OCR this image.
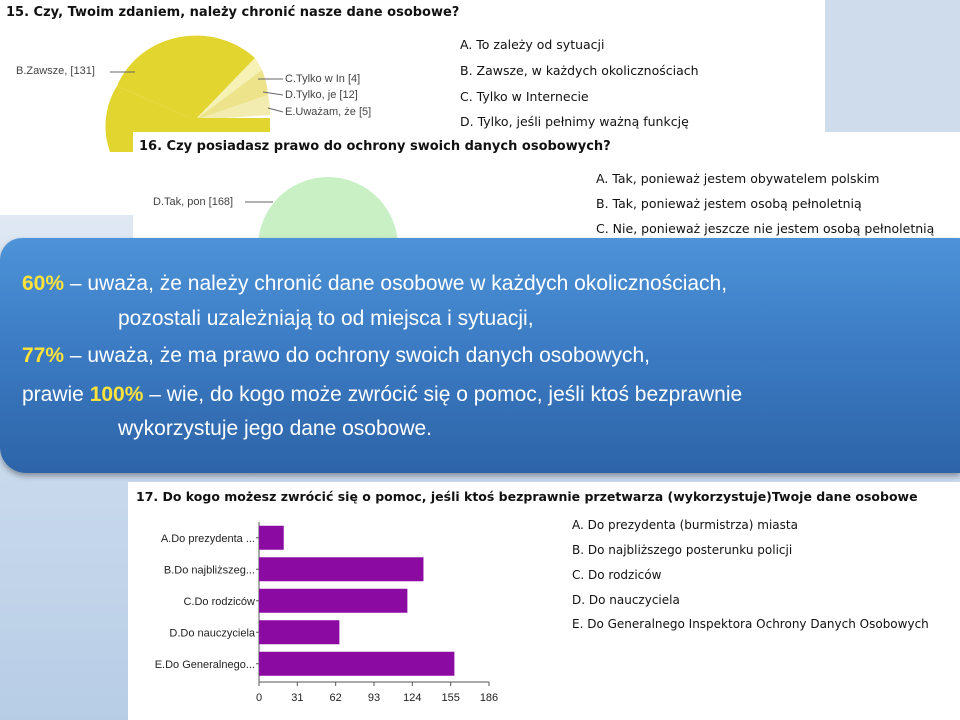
15. Czy, Twoim zdaniem, należy chronić nasze dane osobowe?
B.Zawsze, [131]
C.Tylko w In [4]
D.Tylko, je [12]
E.Uważam, że [5]
A. To zależy od sytuacji
B. Zawsze, w każdych okolicznościach
C. Tylko w Internecie
D. Tylko, jeśli pełnimy ważną funkcję
16. Czy posiadasz prawo do ochrony swoich danych osobowych?
D.Tak, pon [168]
A. Tak, ponieważ jestem obywatelem polskim
B. Tak, ponieważ jestem osobą pełnoletnią
C. Nie, ponieważ jeszcze nie jestem osobą pełnoletnią
60% – uważa, że należy chronić dane osobowe w każdych okolicznościach,
pozostali uzależniają to od miejsca i sytuacji,
77% – uważa, że ma prawo do ochrony swoich danych osobowych,
prawie 100% – wie, do kogo może zwrócić się o pomoc, jeśli ktoś bezprawnie
wykorzystuje jego dane osobowe.
17. Do kogo możesz zwrócić się o pomoc, jeśli ktoś bezprawnie przetwarza (wykorzystuje)Twoje dane osobowe
A.Do prezydenta ...
B.Do najbliższeg...
C.Do rodziców
D.Do nauczyciela
E.Do Generalnego...
0	31 62 93 124 155 186
A. Do prezydenta (burmistrza) miasta
B. Do najbliższego posterunku policji
C. Do rodziców
D. Do nauczyciela
E. Do Generalnego Inspektora Ochrony Danych Osobowych
